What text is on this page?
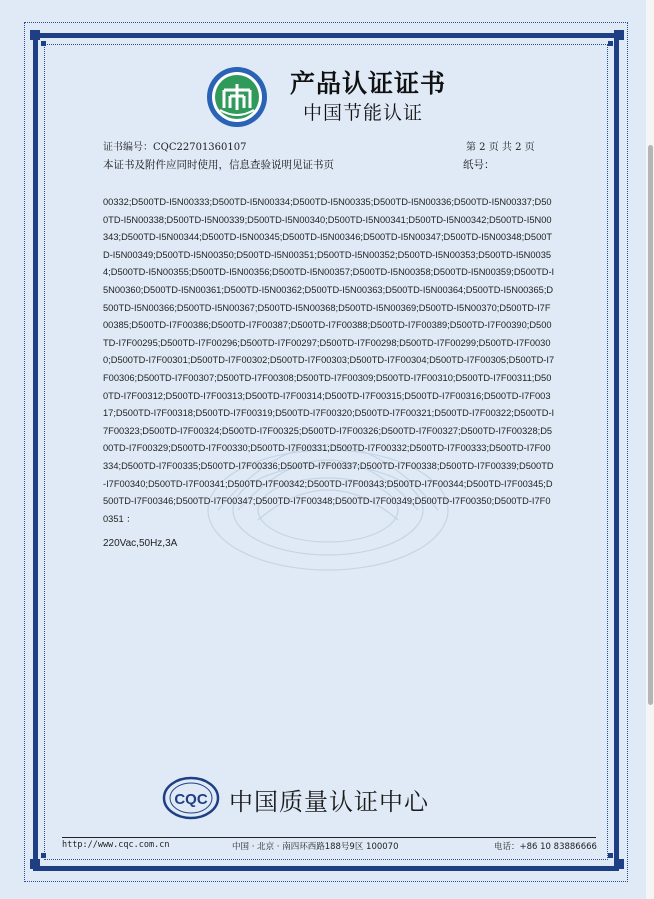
产品认证证书
中国节能认证
证书编号：CQC22701360107	第 2 页 共 2 页
本证书及附件应同时使用，信息查验说明见证书页	纸号：
00332;D500TD-I5N00333;D500TD-I5N00334;D500TD-I5N00335;D500TD-I5N00336;D500TD-I5N00337;D500TD-I5N00338;D500TD-I5N00339;D500TD-I5N00340;D500TD-I5N00341;D500TD-I5N00342;D500TD-I5N00343;D500TD-I5N00344;D500TD-I5N00345;D500TD-I5N00346;D500TD-I5N00347;D500TD-I5N00348;D500TD-I5N00349;D500TD-I5N00350;D500TD-I5N00351;D500TD-I5N00352;D500TD-I5N00353;D500TD-I5N00354;D500TD-I5N00355;D500TD-I5N00356;D500TD-I5N00357;D500TD-I5N00358;D500TD-I5N00359;D500TD-I5N00360;D500TD-I5N00361;D500TD-I5N00362;D500TD-I5N00363;D500TD-I5N00364;D500TD-I5N00365;D500TD-I5N00366;D500TD-I5N00367;D500TD-I5N00368;D500TD-I5N00369;D500TD-I5N00370;D500TD-I7F00385;D500TD-I7F00386;D500TD-I7F00387;D500TD-I7F00388;D500TD-I7F00389;D500TD-I7F00390;D500TD-I7F00295;D500TD-I7F00296;D500TD-I7F00297;D500TD-I7F00298;D500TD-I7F00299;D500TD-I7F00300;D500TD-I7F00301;D500TD-I7F00302;D500TD-I7F00303;D500TD-I7F00304;D500TD-I7F00305;D500TD-I7F00306;D500TD-I7F00307;D500TD-I7F00308;D500TD-I7F00309;D500TD-I7F00310;D500TD-I7F00311;D500TD-I7F00312;D500TD-I7F00313;D500TD-I7F00314;D500TD-I7F00315;D500TD-I7F00316;D500TD-I7F00317;D500TD-I7F00318;D500TD-I7F00319;D500TD-I7F00320;D500TD-I7F00321;D500TD-I7F00322;D500TD-I7F00323;D500TD-I7F00324;D500TD-I7F00325;D500TD-I7F00326;D500TD-I7F00327;D500TD-I7F00328;D500TD-I7F00329;D500TD-I7F00330;D500TD-I7F00331;D500TD-I7F00332;D500TD-I7F00333;D500TD-I7F00334;D500TD-I7F00335;D500TD-I7F00336;D500TD-I7F00337;D500TD-I7F00338;D500TD-I7F00339;D500TD-I7F00340;D500TD-I7F00341;D500TD-I7F00342;D500TD-I7F00343;D500TD-I7F00344;D500TD-I7F00345;D500TD-I7F00346;D500TD-I7F00347;D500TD-I7F00348;D500TD-I7F00349;D500TD-I7F00350;D500TD-I7F00351 ：
220Vac,50Hz,3A
CQC 中国质量认证中心
http://www.cqc.com.cn	中国 · 北京 · 南四环西路188号9区 100070	电话：+86 10 83886666
